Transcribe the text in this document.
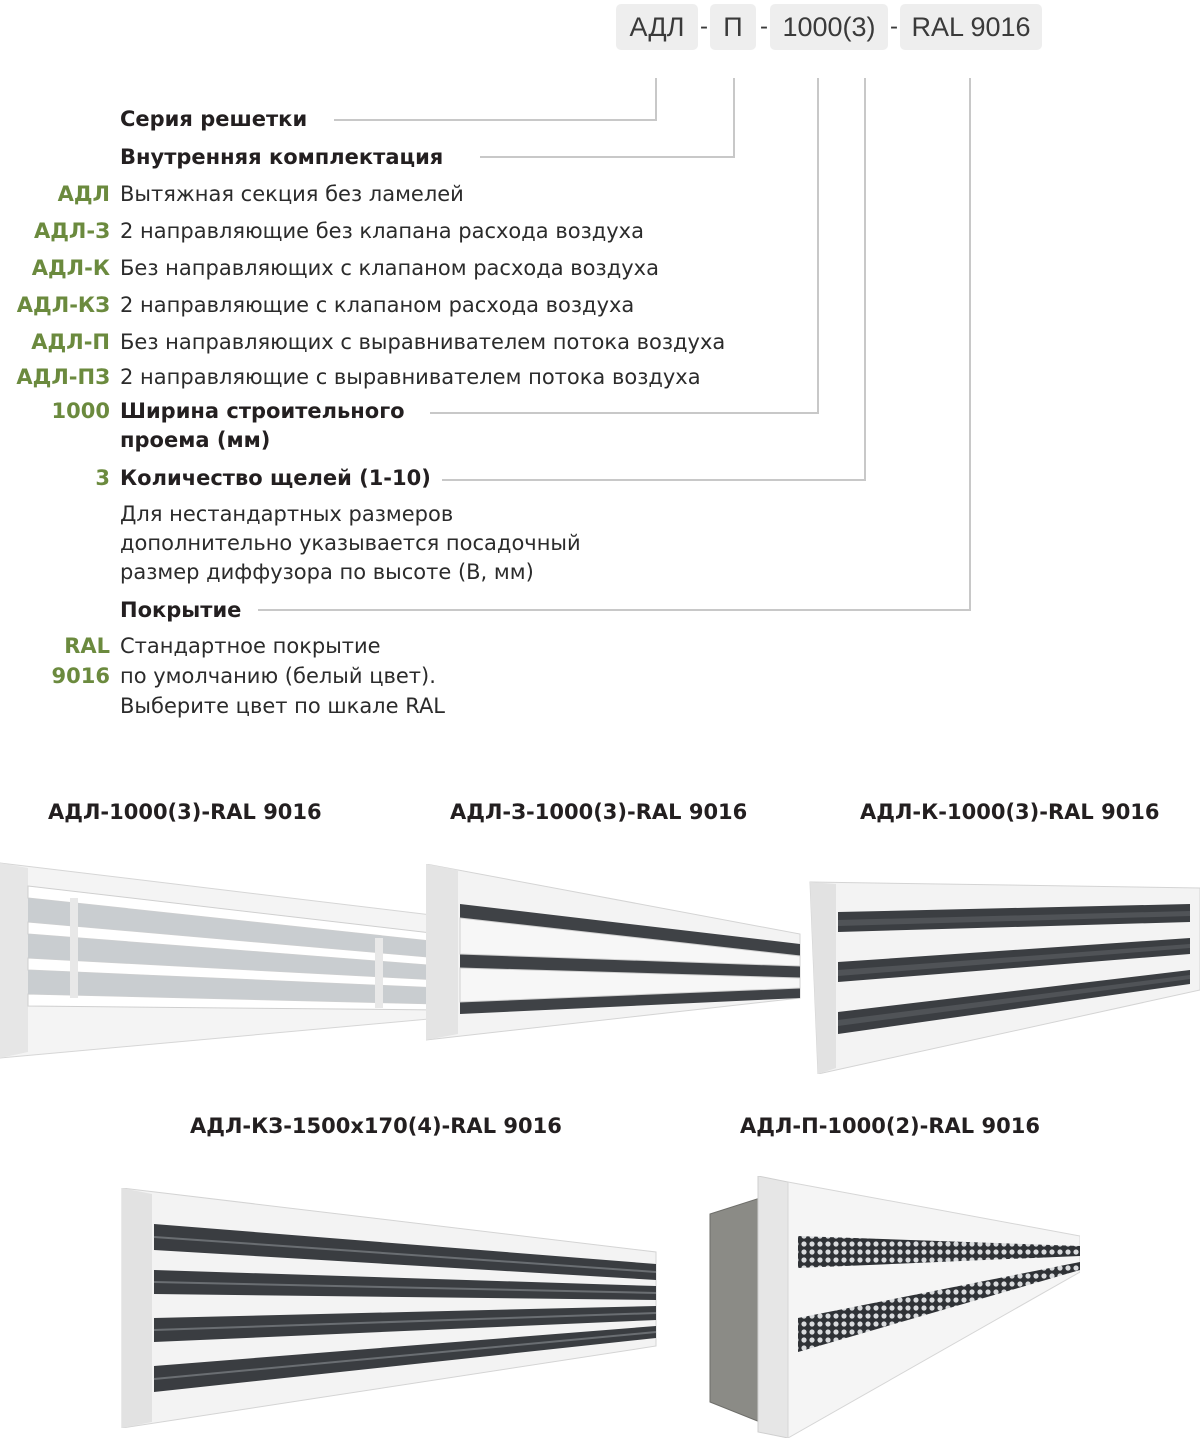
АДЛ - П - 1000(3) - RAL 9016
Серия решетки
Внутренняя комплектация
АДЛ Вытяжная секция без ламелей
АДЛ-З 2 направляющие без клапана расхода воздуха
АДЛ-К Без направляющих с клапаном расхода воздуха
АДЛ-КЗ 2 направляющие с клапаном расхода воздуха
АДЛ-П Без направляющих с выравнивателем потока воздуха
АДЛ-ПЗ 2 направляющие с выравнивателем потока воздуха
1000 Ширина строительного
проема (мм)
3 Количество щелей (1-10)
Для нестандартных размеров
дополнительно указывается посадочный
размер диффузора по высоте (В, мм)
Покрытие
RAL
9016
Стандартное покрытие
по умолчанию (белый цвет).
Выберите цвет по шкале RAL
АДЛ-1000(3)-RAL 9016	АДЛ-З-1000(3)-RAL 9016	АДЛ-К-1000(3)-RAL 9016
АДЛ-КЗ-1500x170(4)-RAL 9016	АДЛ-П-1000(2)-RAL 9016
